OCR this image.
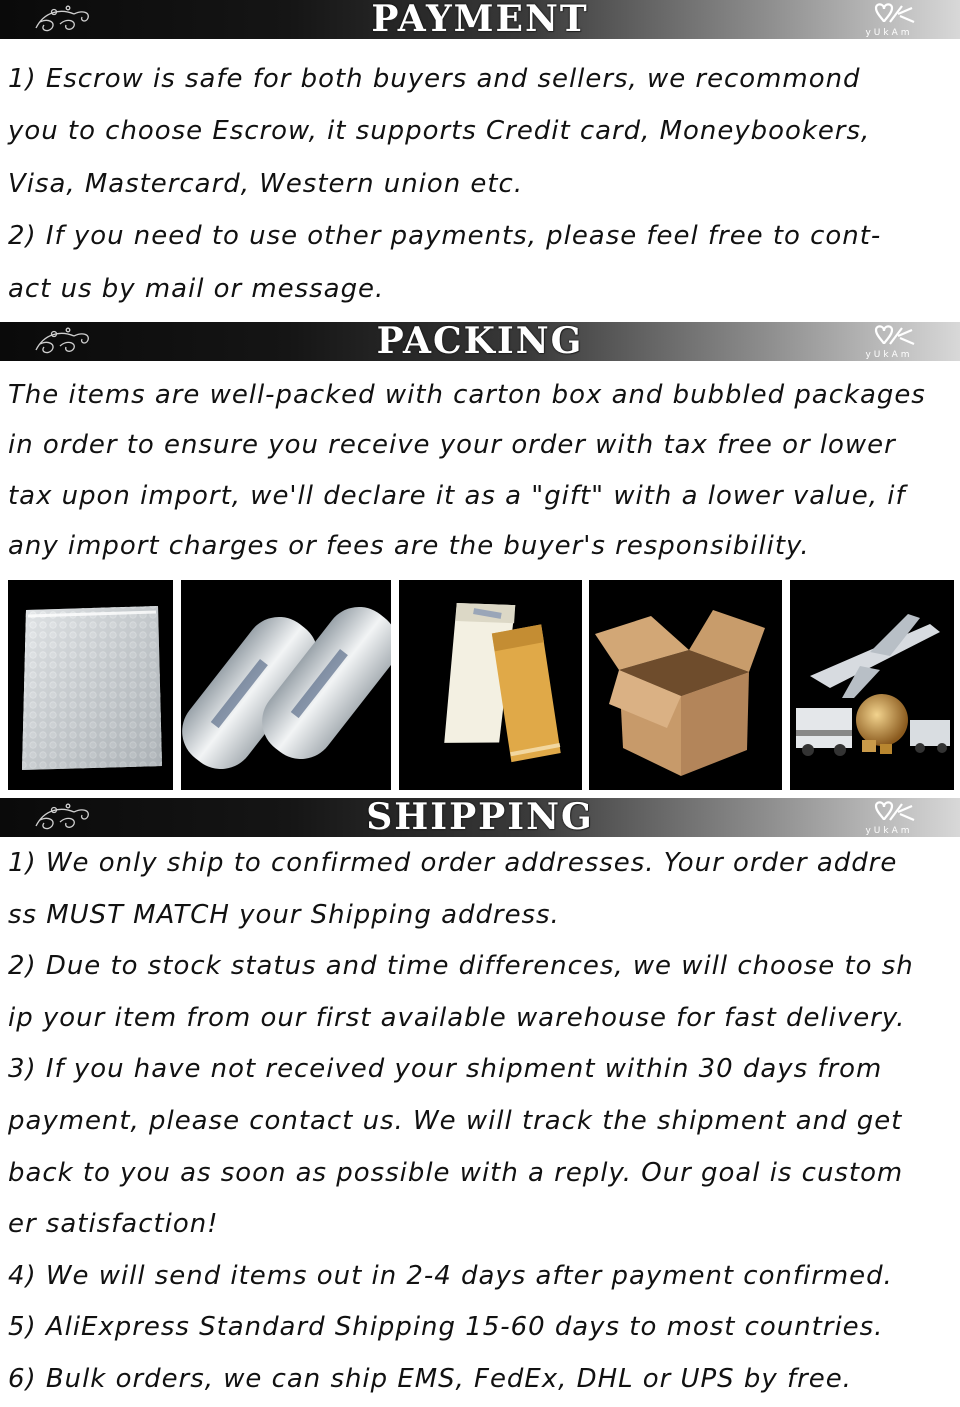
PAYMENT	yUkAm
1) Escrow is safe for both buyers and sellers, we recommond
you to choose Escrow, it supports Credit card, Moneybookers,
Visa, Mastercard, Western union etc.
2) If you need to use other payments, please feel free to cont-
act us by mail or message.
PACKING	yUkAm
The items are well-packed with carton box and bubbled packages
in order to ensure you receive your order with tax free or lower
tax upon import, we'll declare it as a "gift" with a lower value, if
any import charges or fees are the buyer's responsibility.
SHIPPING	yUkAm
1) We only ship to confirmed order addresses. Your order addre
ss MUST MATCH your Shipping address.
2) Due to stock status and time differences, we will choose to sh
ip your item from our first available warehouse for fast delivery.
3) If you have not received your shipment within 30 days from
payment, please contact us. We will track the shipment and get
back to you as soon as possible with a reply. Our goal is custom
er satisfaction!
4) We will send items out in 2-4 days after payment confirmed.
5) AliExpress Standard Shipping 15-60 days to most countries.
6) Bulk orders, we can ship EMS, FedEx, DHL or UPS by free.
